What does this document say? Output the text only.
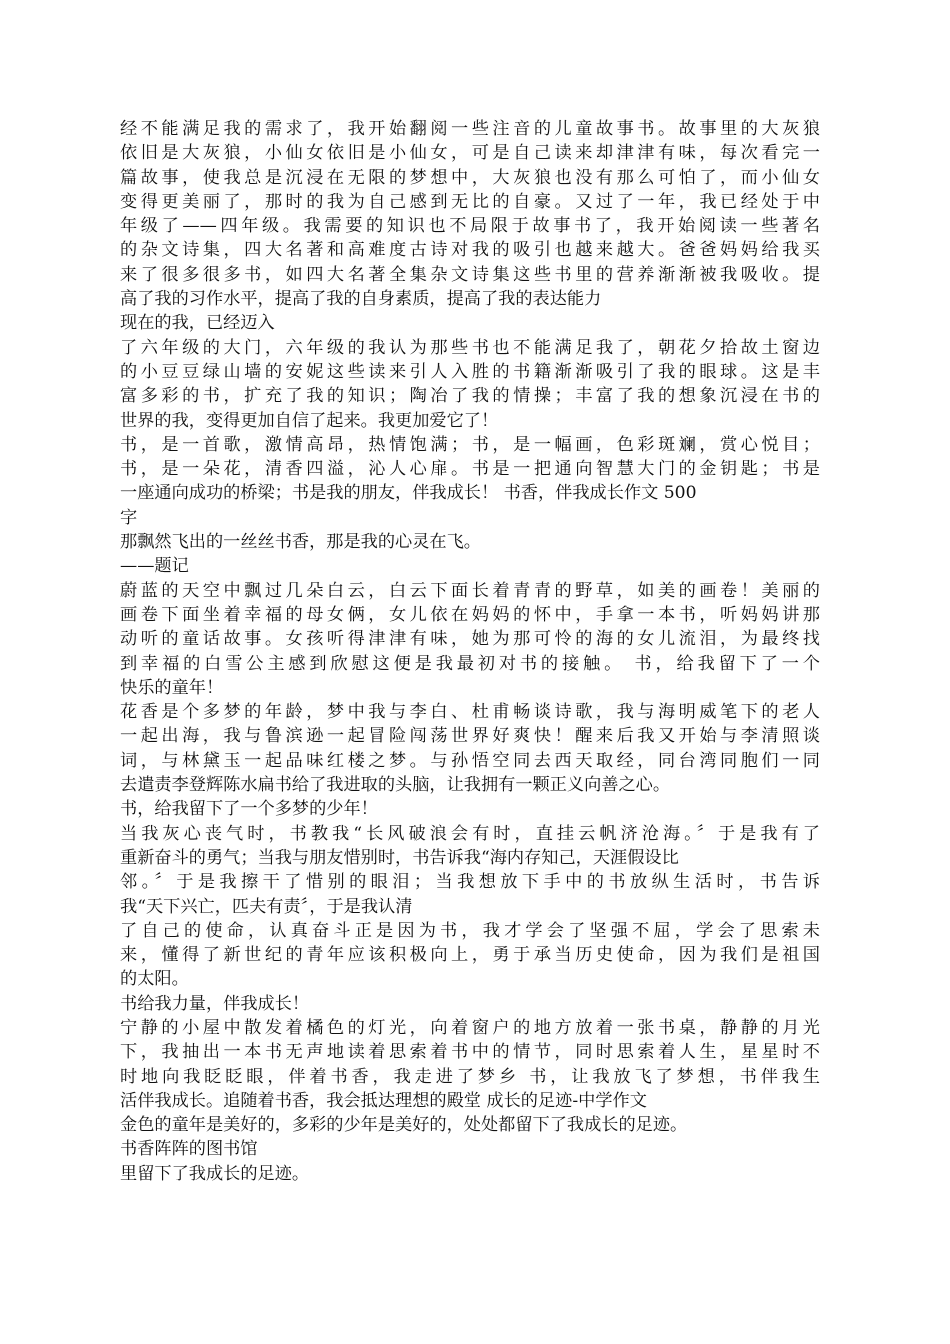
经不能满足我的需求了，我开始翻阅一些注音的儿童故事书。故事里的大灰狼
依旧是大灰狼，小仙女依旧是小仙女，可是自己读来却津津有味，每次看完一
篇故事，使我总是沉浸在无限的梦想中，大灰狼也没有那么可怕了，而小仙女
变得更美丽了，那时的我为自己感到无比的自豪。又过了一年，我已经处于中
年级了——四年级。我需要的知识也不局限于故事书了，我开始阅读一些著名
的杂文诗集，四大名著和高难度古诗对我的吸引也越来越大。爸爸妈妈给我买
来了很多很多书，如四大名著全集杂文诗集这些书里的营养渐渐被我吸收。提
高了我的习作水平，提高了我的自身素质，提高了我的表达能力
现在的我，已经迈入
了六年级的大门，六年级的我认为那些书也不能满足我了，朝花夕拾故土窗边
的小豆豆绿山墙的安妮这些读来引人入胜的书籍渐渐吸引了我的眼球。这是丰
富多彩的书，扩充了我的知识；陶冶了我的情操；丰富了我的想象沉浸在书的
世界的我，变得更加自信了起来。我更加爱它了！
书，是一首歌，激情高昂，热情饱满；书，是一幅画，色彩斑斓，赏心悦目；
书，是一朵花，清香四溢，沁人心扉。书是一把通向智慧大门的金钥匙；书是
一座通向成功的桥梁；书是我的朋友，伴我成长！ 书香，伴我成长作文 500
字
那飘然飞出的一丝丝书香，那是我的心灵在飞。
——题记
蔚蓝的天空中飘过几朵白云，白云下面长着青青的野草，如美的画卷！美丽的
画卷下面坐着幸福的母女俩，女儿依在妈妈的怀中，手拿一本书，听妈妈讲那
动听的童话故事。女孩听得津津有味，她为那可怜的海的女儿流泪，为最终找
到幸福的白雪公主感到欣慰这便是我最初对书的接触。 书，给我留下了一个
快乐的童年！
花香是个多梦的年龄，梦中我与李白、杜甫畅谈诗歌，我与海明威笔下的老人
一起出海，我与鲁滨逊一起冒险闯荡世界好爽快！醒来后我又开始与李清照谈
词，与林黛玉一起品味红楼之梦。与孙悟空同去西天取经，同台湾同胞们一同
去遣责李登辉陈水扁书给了我进取的头脑，让我拥有一颗正义向善之心。
书，给我留下了一个多梦的少年！
当我灰心丧气时，书教我“长风破浪会有时，直挂云帆济沧海。〞于是我有了
重新奋斗的勇气；当我与朋友惜别时，书告诉我“海内存知己，天涯假设比
邻。〞于是我擦干了惜别的眼泪；当我想放下手中的书放纵生活时，书告诉
我“天下兴亡，匹夫有责〞，于是我认清
了自己的使命，认真奋斗正是因为书，我才学会了坚强不屈，学会了思索未
来，懂得了新世纪的青年应该积极向上，勇于承当历史使命，因为我们是祖国
的太阳。
书给我力量，伴我成长！
宁静的小屋中散发着橘色的灯光，向着窗户的地方放着一张书桌，静静的月光
下，我抽出一本书无声地读着思索着书中的情节，同时思索着人生，星星时不
时地向我眨眨眼，伴着书香，我走进了梦乡 书，让我放飞了梦想，书伴我生
活伴我成长。追随着书香，我会抵达理想的殿堂 成长的足迹-中学作文
金色的童年是美好的，多彩的少年是美好的，处处都留下了我成长的足迹。
书香阵阵的图书馆
里留下了我成长的足迹。
